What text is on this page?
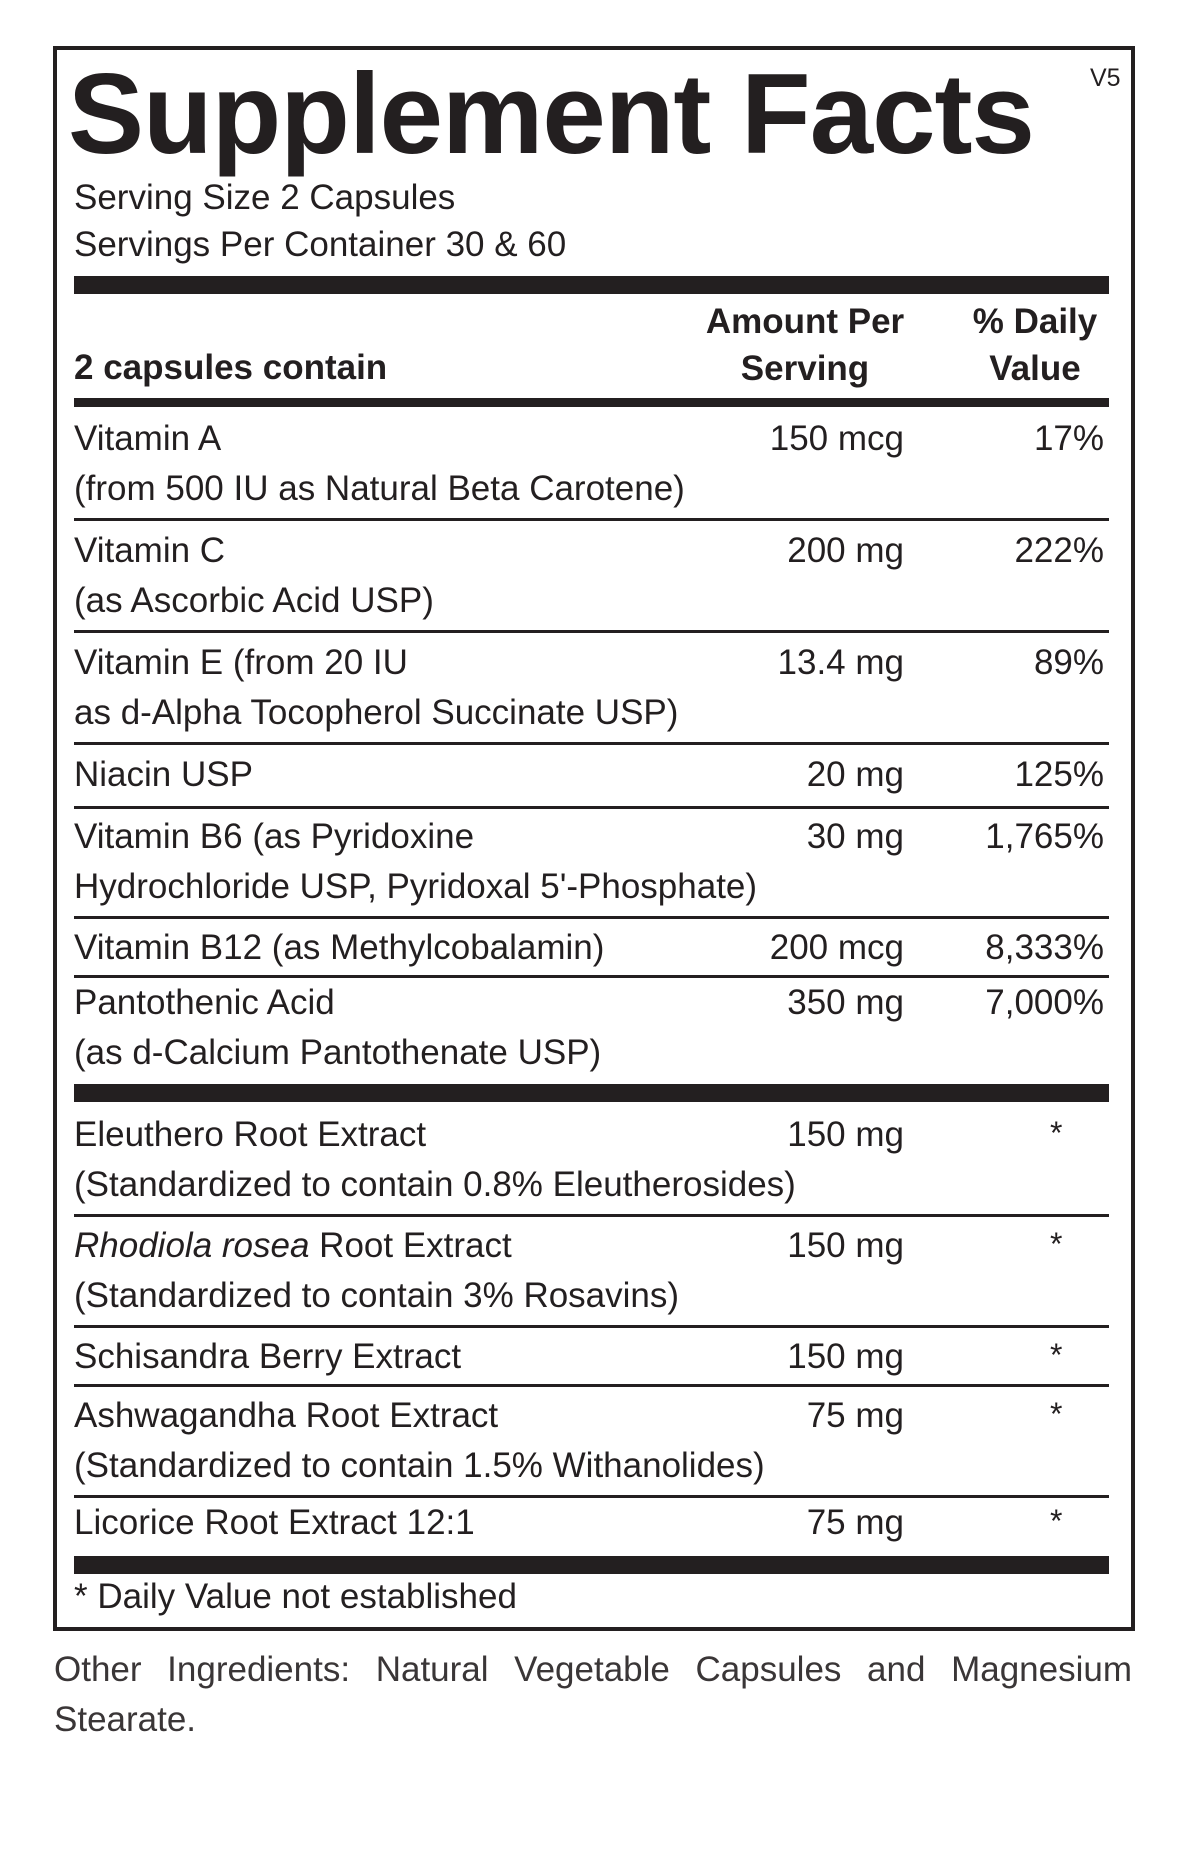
Supplement Facts V5
Serving Size 2 Capsules
Servings Per Container 30 & 60
2 capsules contain
Amount Per
Serving
% Daily
Value
Vitamin A
(from 500 IU as Natural Beta Carotene)
150 mcg	17%
Vitamin C
(as Ascorbic Acid USP)
200 mg	222%
Vitamin E (from 20 IU
as d-Alpha Tocopherol Succinate USP)
13.4 mg	89%
Niacin USP	20 mg	125%
Vitamin B6 (as Pyridoxine
Hydrochloride USP, Pyridoxal 5'-Phosphate)
30 mg 1,765%
Vitamin B12 (as Methylcobalamin)	200 mcg 8,333%
Pantothenic Acid
(as d-Calcium Pantothenate USP)
350 mg 7,000%
Eleuthero Root Extract
(Standardized to contain 0.8% Eleutherosides)
150 mg	*
Rhodiola rosea Root Extract
(Standardized to contain 3% Rosavins)
150 mg	*
Schisandra Berry Extract	150 mg	*
Ashwagandha Root Extract
(Standardized to contain 1.5% Withanolides)
75 mg	*
Licorice Root Extract 12:1	75 mg	*
* Daily Value not established
Other Ingredients: Natural Vegetable Capsules and Magnesium Stearate.
